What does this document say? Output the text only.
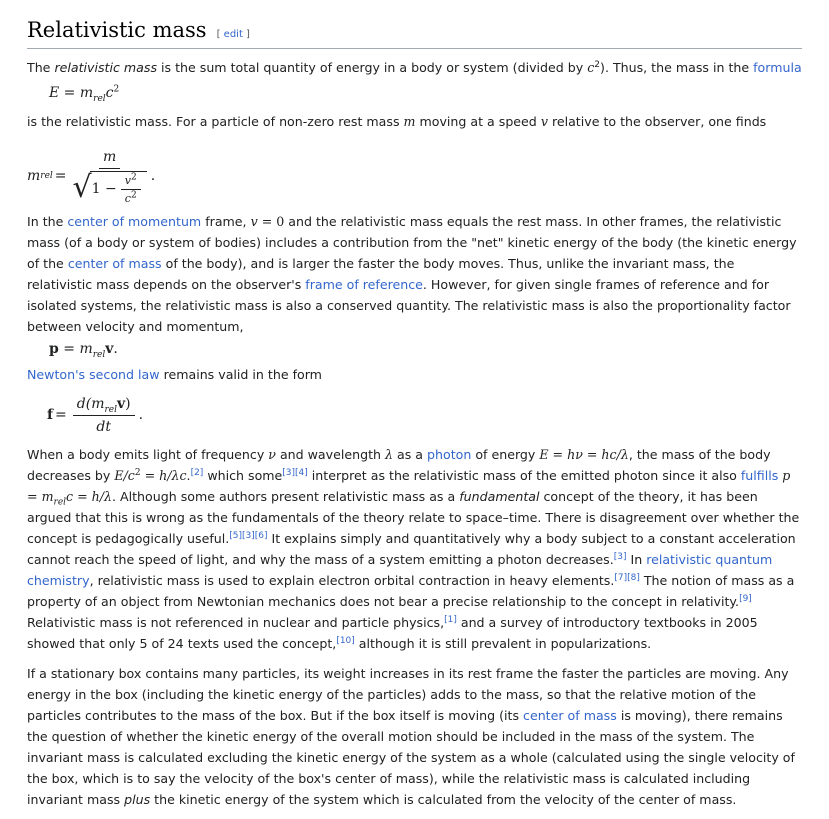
Relativistic mass [ edit ]

The relativistic mass is the sum total quantity of energy in a body or system (divided by $c^2$). Thus, the mass in the formula

$E = m_{rel}c^2$

is the relativistic mass. For a particle of non-zero rest mass m moving at a speed v relative to the observer, one finds

m rel =
m
√ $1 - \frac{v^2}{c^2}$ .

In the center of momentum frame, v = 0 and the relativistic mass equals the rest mass. In other frames, the relativistic mass (of a body or system of bodies) includes a contribution from the "net" kinetic energy of the body (the kinetic energy of the center of mass of the body), and is larger the faster the body moves. Thus, unlike the invariant mass, the relativistic mass depends on the observer's frame of reference. However, for given single frames of reference and for isolated systems, the relativistic mass is also a conserved quantity. The relativistic mass is also the proportionality factor between velocity and momentum,

$p = m_{rel}v$.

Newton's second law remains valid in the form

$f = \frac{d(m_{rel}v)}{dt}$ .

When a body emits light of frequency ν and wavelength λ as a photon of energy E = hν = hc/λ, the mass of the body decreases by $E/c^2 = h/\lambda c.[2]$ which some[3][4] interpret as the relativistic mass of the emitted photon since it also fulfills $p = m_{rel}c = h/\lambda$. Although some authors present relativistic mass as a fundamental concept of the theory, it has been argued that this is wrong as the fundamentals of the theory relate to space–time. There is disagreement over whether the concept is pedagogically useful.[5][3][6] It explains simply and quantitatively why a body subject to a constant acceleration cannot reach the speed of light, and why the mass of a system emitting a photon decreases.[3] In relativistic quantum chemistry, relativistic mass is used to explain electron orbital contraction in heavy elements.[7][8] The notion of mass as a property of an object from Newtonian mechanics does not bear a precise relationship to the concept in relativity.[9] Relativistic mass is not referenced in nuclear and particle physics,[1] and a survey of introductory textbooks in 2005 showed that only 5 of 24 texts used the concept,[10] although it is still prevalent in popularizations.

If a stationary box contains many particles, its weight increases in its rest frame the faster the particles are moving. Any energy in the box (including the kinetic energy of the particles) adds to the mass, so that the relative motion of the particles contributes to the mass of the box. But if the box itself is moving (its center of mass is moving), there remains the question of whether the kinetic energy of the overall motion should be included in the mass of the system. The invariant mass is calculated excluding the kinetic energy of the system as a whole (calculated using the single velocity of the box, which is to say the velocity of the box's center of mass), while the relativistic mass is calculated including invariant mass plus the kinetic energy of the system which is calculated from the velocity of the center of mass.
